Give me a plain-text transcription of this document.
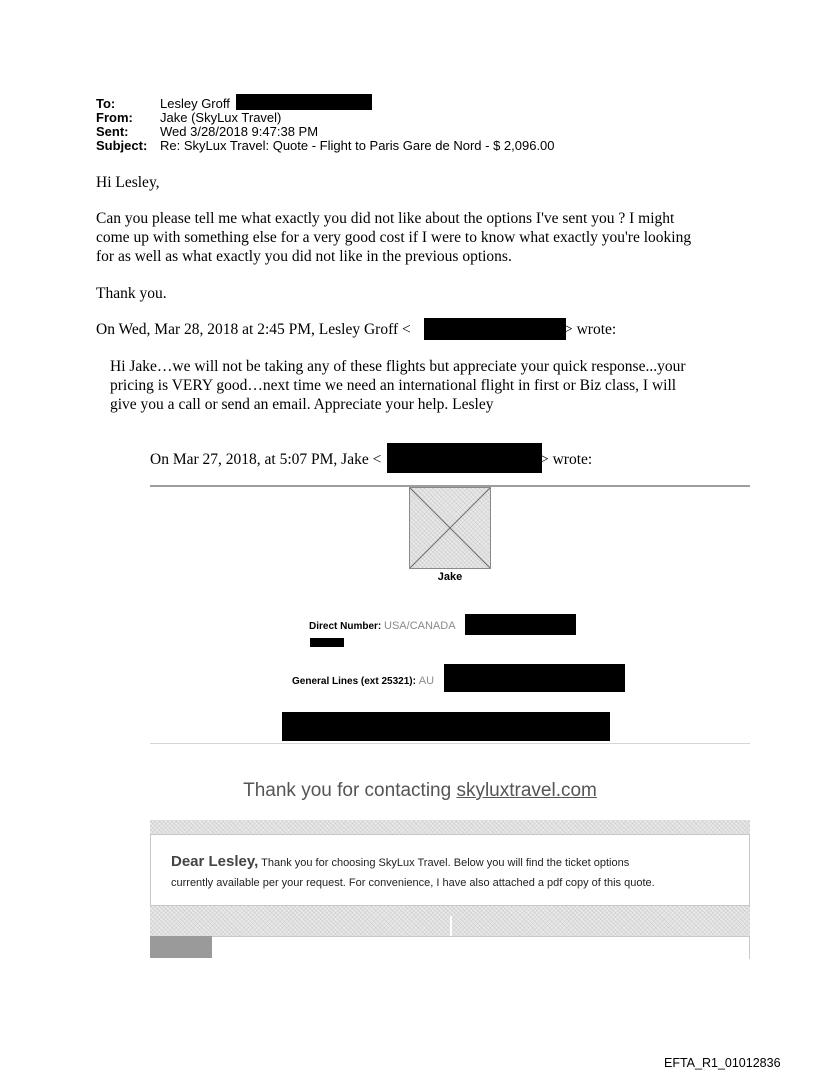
To:	Lesley Groff
From: Jake (SkyLux Travel)
Sent: Wed 3/28/2018 9:47:38 PM
Subject: Re: SkyLux Travel: Quote - Flight to Paris Gare de Nord - $ 2,096.00
Hi Lesley,
Can you please tell me what exactly you did not like about the options I've sent you ? I might
come up with something else for a very good cost if I were to know what exactly you're looking
for as well as what exactly you did not like in the previous options.
Thank you.
On Wed, Mar 28, 2018 at 2:45 PM, Lesley Groff <	> wrote:
Hi Jake…we will not be taking any of these flights but appreciate your quick response...your
pricing is VERY good…next time we need an international flight in first or Biz class, I will
give you a call or send an email. Appreciate your help. Lesley
On Mar 27, 2018, at 5:07 PM, Jake <	> wrote:
Jake
Direct Number: USA/CANADA
General Lines (ext 25321): AU
Thank you for contacting skyluxtravel.com
Dear Lesley, Thank you for choosing SkyLux Travel. Below you will find the ticket options
currently available per your request. For convenience, I have also attached a pdf copy of this quote.
EFTA_R1_01012836
